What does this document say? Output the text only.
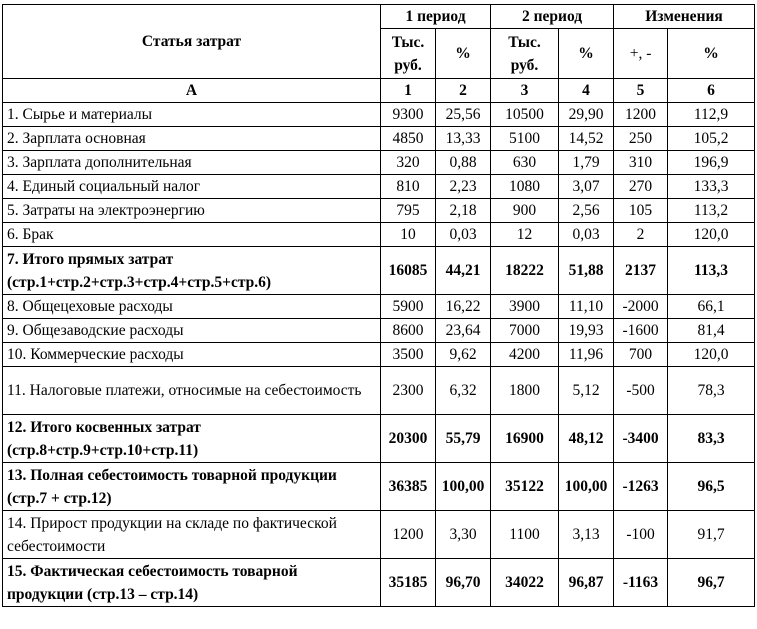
Статья затрат	1 период		2 период		Изменения	
	Тыс. руб.	%	Тыс. руб.	%	+, -	%
А	1	2	3	4	5	6
1. Сырье и материалы	9300	25,56	10500	29,90	1200	112,9
2. Зарплата основная	4850	13,33	5100	14,52	250	105,2
3. Зарплата дополнительная	320	0,88	630	1,79	310	196,9
4. Единый социальный налог	810	2,23	1080	3,07	270	133,3
5. Затраты на электроэнергию	795	2,18	900	2,56	105	113,2
6. Брак	10	0,03	12	0,03	2	120,0
7. Итого прямых затрат (стр.1+стр.2+стр.3+стр.4+стр.5+стр.6)	16085	44,21	18222	51,88	2137	113,3
8. Общецеховые расходы	5900	16,22	3900	11,10	-2000	66,1
9. Общезаводские расходы	8600	23,64	7000	19,93	-1600	81,4
10. Коммерческие расходы	3500	9,62	4200	11,96	700	120,0
11. Налоговые платежи, относимые на себестоимость	2300	6,32	1800	5,12	-500	78,3
12. Итого косвенных затрат (стр.8+стр.9+стр.10+стр.11)	20300	55,79	16900	48,12	-3400	83,3
13. Полная себестоимость товарной продукции (стр.7 + стр.12)	36385	100,00	35122	100,00	-1263	96,5
14. Прирост продукции на складе по фактической себестоимости	1200	3,30	1100	3,13	-100	91,7
15. Фактическая себестоимость товарной продукции (стр.13 – стр.14)	35185	96,70	34022	96,87	-1163	96,7
